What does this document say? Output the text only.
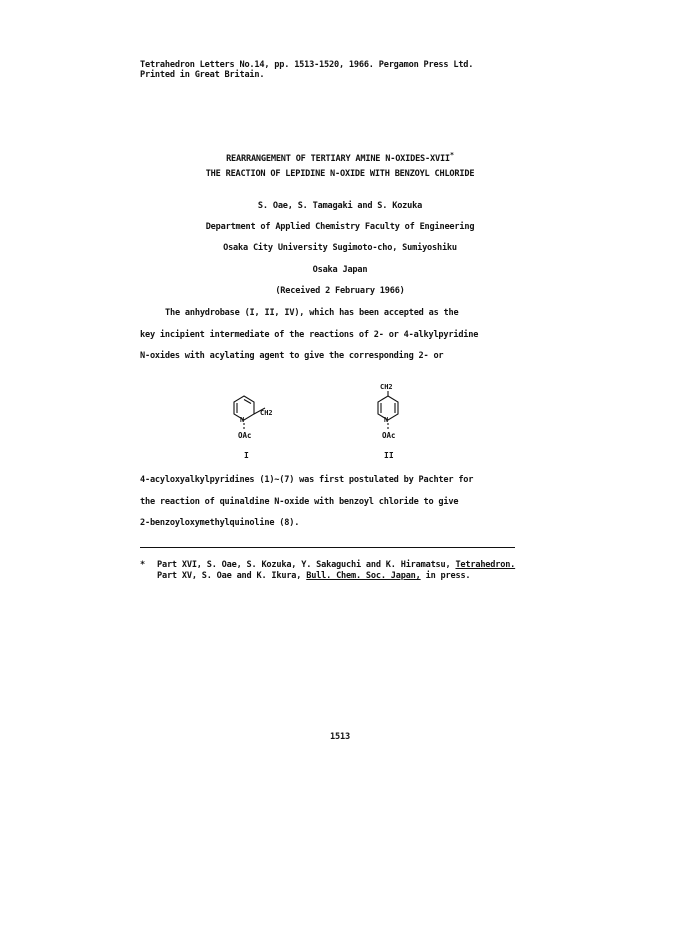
Tetrahedron Letters No.14, pp. 1513-1520, 1966. Pergamon Press Ltd.
Printed in Great Britain.
REARRANGEMENT OF TERTIARY AMINE N-OXIDES-XVII*
THE REACTION OF LEPIDINE N-OXIDE WITH BENZOYL CHLORIDE
S. Oae, S. Tamagaki and S. Kozuka
Department of Applied Chemistry Faculty of Engineering
Osaka City University Sugimoto-cho, Sumiyoshiku
Osaka Japan
(Received 2 February 1966)
The anhydrobase (I, II, IV), which has been accepted as the
key incipient intermediate of the reactions of 2- or 4-alkylpyridine
N-oxides with acylating agent to give the corresponding 2- or
N
CH2
OAc
I
CH2
N
OAc
II
4-acyloxyalkylpyridines (1)~(7) was first postulated by Pachter for
the reaction of quinaldine N-oxide with benzoyl chloride to give
2-benzoyloxymethylquinoline (8).
* Part XVI, S. Oae, S. Kozuka, Y. Sakaguchi and K. Hiramatsu, Tetrahedron.
Part XV, S. Oae and K. Ikura, Bull. Chem. Soc. Japan, in press.
1513
